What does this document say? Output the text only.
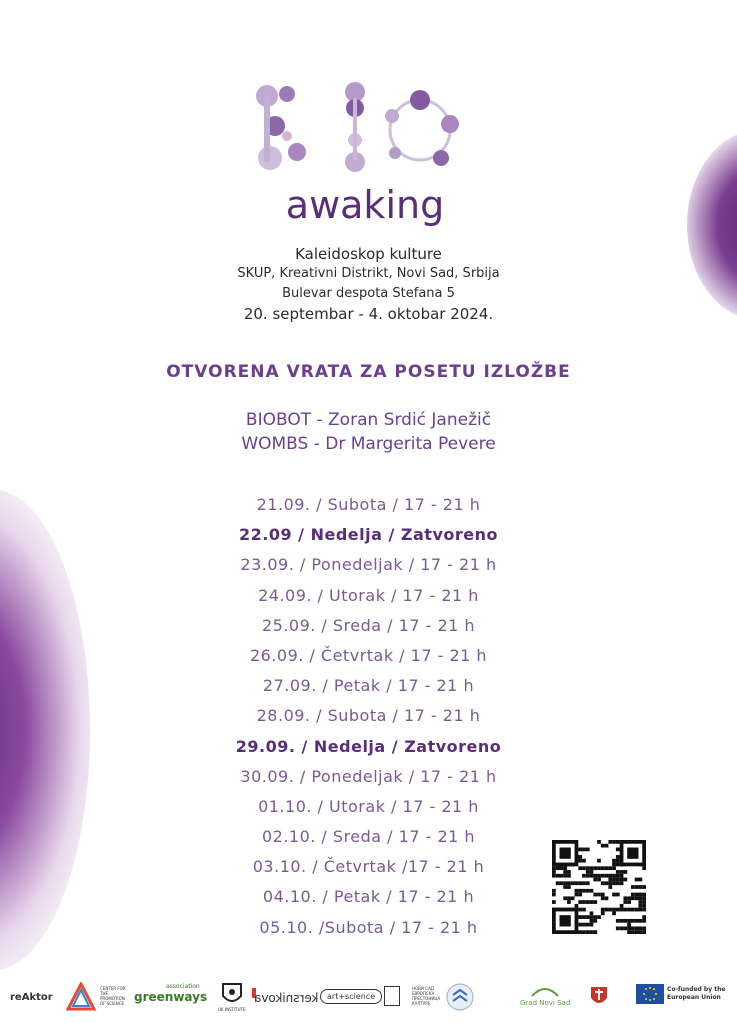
awaking
Kaleidoskop kulture
SKUP, Kreativni Distrikt, Novi Sad, Srbija
Bulevar despota Stefana 5
20. septembar - 4. oktobar 2024.
OTVORENA VRATA ZA POSETU IZLOŽBE
BIOBOT - Zoran Srdić Janežič
WOMBS - Dr Margerita Pevere
21.09. / Subota / 17 - 21 h
22.09 / Nedelja / Zatvoreno
23.09. / Ponedeljak / 17 - 21 h
24.09. / Utorak / 17 - 21 h
25.09. / Sreda / 17 - 21 h
26.09. / Četvrtak / 17 - 21 h
27.09. / Petak / 17 - 21 h
28.09. / Subota / 17 - 21 h
29.09. / Nedelja / Zatvoreno
30.09. / Ponedeljak / 17 - 21 h
01.10. / Utorak / 17 - 21 h
02.10. / Sreda / 17 - 21 h
03.10. / Četvrtak /17 - 21 h
04.10. / Petak / 17 - 21 h
05.10. /Subota / 17 - 21 h
reAktor
CENTER FOR THE PROMOTION OF SCIENCE
association
greenways
UK INSTITUTE
kersnikova	art+science
НОВИ САД ЕВРОПСКА ПРЕСТОНИЦА КУЛТУРЕ	Grad Novi Sad
Co-funded by the European Union
